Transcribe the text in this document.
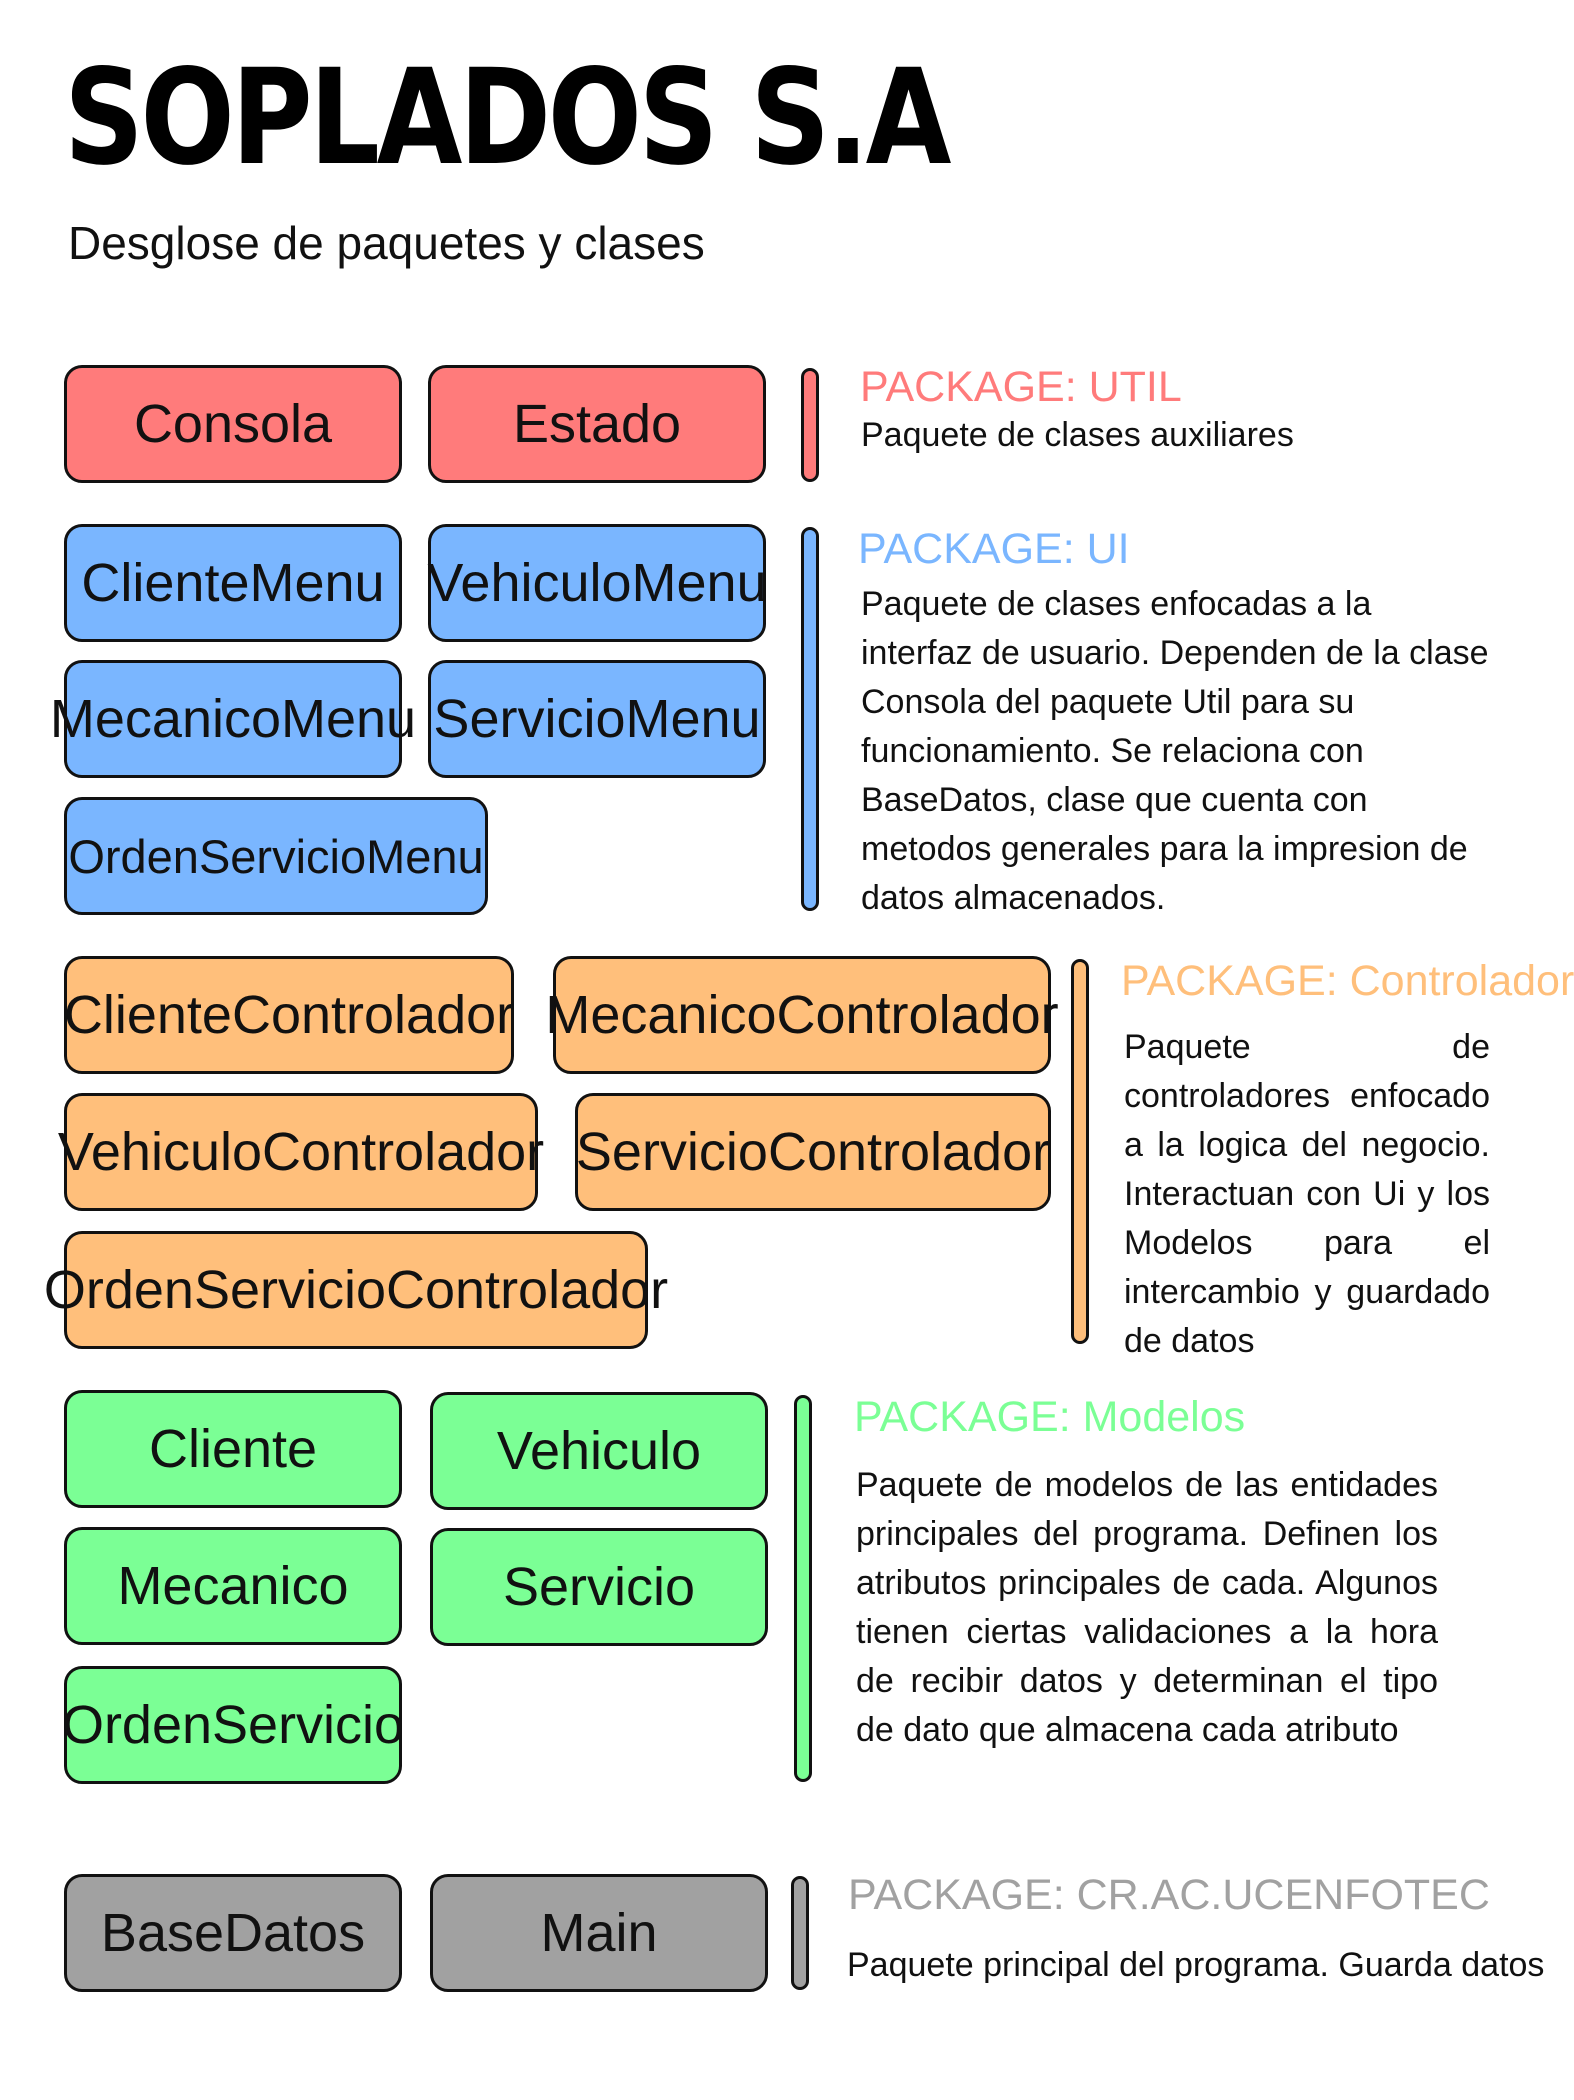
SOPLADOS S.A
Desglose de paquetes y clases
Consola	Estado
PACKAGE: UTIL
Paquete de clases auxiliares
ClienteMenu VehiculoMenu
MecanicoMenu ServicioMenu
OrdenServicioMenu
PACKAGE: UI

Paquete de clases enfocadas a la interfaz de usuario. Dependen de la clase Consola del paquete Util para su funcionamiento. Se relaciona con BaseDatos, clase que cuenta con metodos generales para la impresion de datos almacenados.

ClienteControlador MecanicoControlador
VehiculoControlador ServicioControlador
OrdenServicioControlador
PACKAGE: Controlador

Paquete de controladores enfocado a la logica del negocio. Interactuan con Ui y los Modelos para el intercambio y guardado de datos

Cliente	Vehiculo
Mecanico	Servicio
OrdenServicio
PACKAGE: Modelos

Paquete de modelos de las entidades principales del programa. Definen los atributos principales de cada. Algunos tienen ciertas validaciones a la hora de recibir datos y determinan el tipo de dato que almacena cada atributo

BaseDatos	Main
PACKAGE: CR.AC.UCENFOTEC
Paquete principal del programa. Guarda datos
